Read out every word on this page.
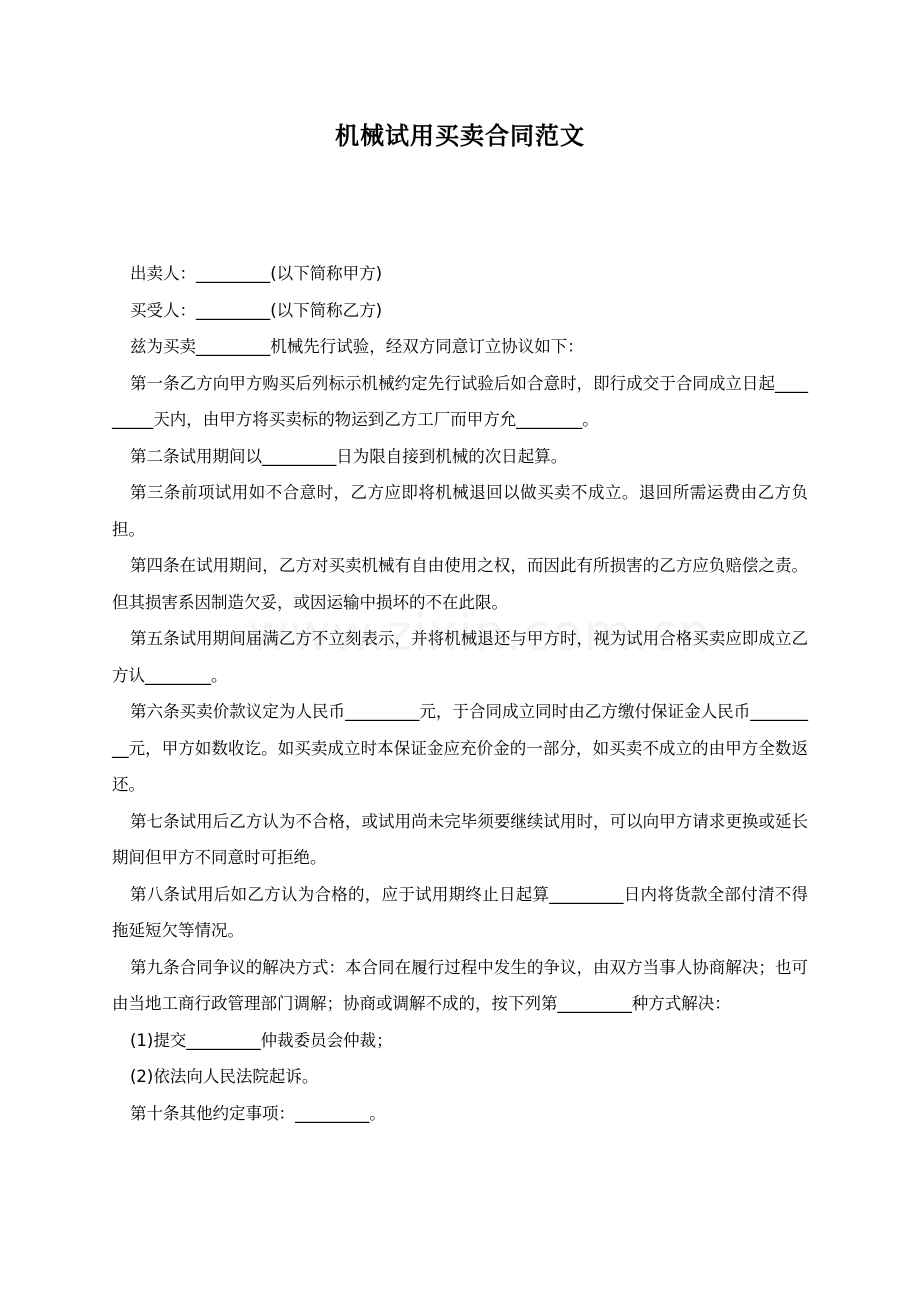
机械试用买卖合同范文

出卖人：_________(以下简称甲方)

买受人：_________(以下简称乙方)

兹为买卖_________机械先行试验，经双方同意订立协议如下：

第一条乙方向甲方购买后列标示机械约定先行试验后如合意时，即行成交于合同成立日起_________天内，由甲方将买卖标的物运到乙方工厂而甲方允________。

第二条试用期间以_________日为限自接到机械的次日起算。

第三条前项试用如不合意时，乙方应即将机械退回以做买卖不成立。退回所需运费由乙方负担。

第四条在试用期间，乙方对买卖机械有自由使用之权，而因此有所损害的乙方应负赔偿之责。但其损害系因制造欠妥，或因运输中损坏的不在此限。

第五条试用期间届满乙方不立刻表示，并将机械退还与甲方时，视为试用合格买卖应即成立乙方认________。

第六条买卖价款议定为人民币_________元，于合同成立同时由乙方缴付保证金人民币_________元，甲方如数收讫。如买卖成立时本保证金应充价金的一部分，如买卖不成立的由甲方全数返还。

第七条试用后乙方认为不合格，或试用尚未完毕须要继续试用时，可以向甲方请求更换或延长期间但甲方不同意时可拒绝。

第八条试用后如乙方认为合格的，应于试用期终止日起算_________日内将货款全部付清不得拖延短欠等情况。

第九条合同争议的解决方式：本合同在履行过程中发生的争议，由双方当事人协商解决；也可由当地工商行政管理部门调解；协商或调解不成的，按下列第_________种方式解决：

(1)提交_________仲裁委员会仲裁；

(2)依法向人民法院起诉。

第十条其他约定事项：_________。
